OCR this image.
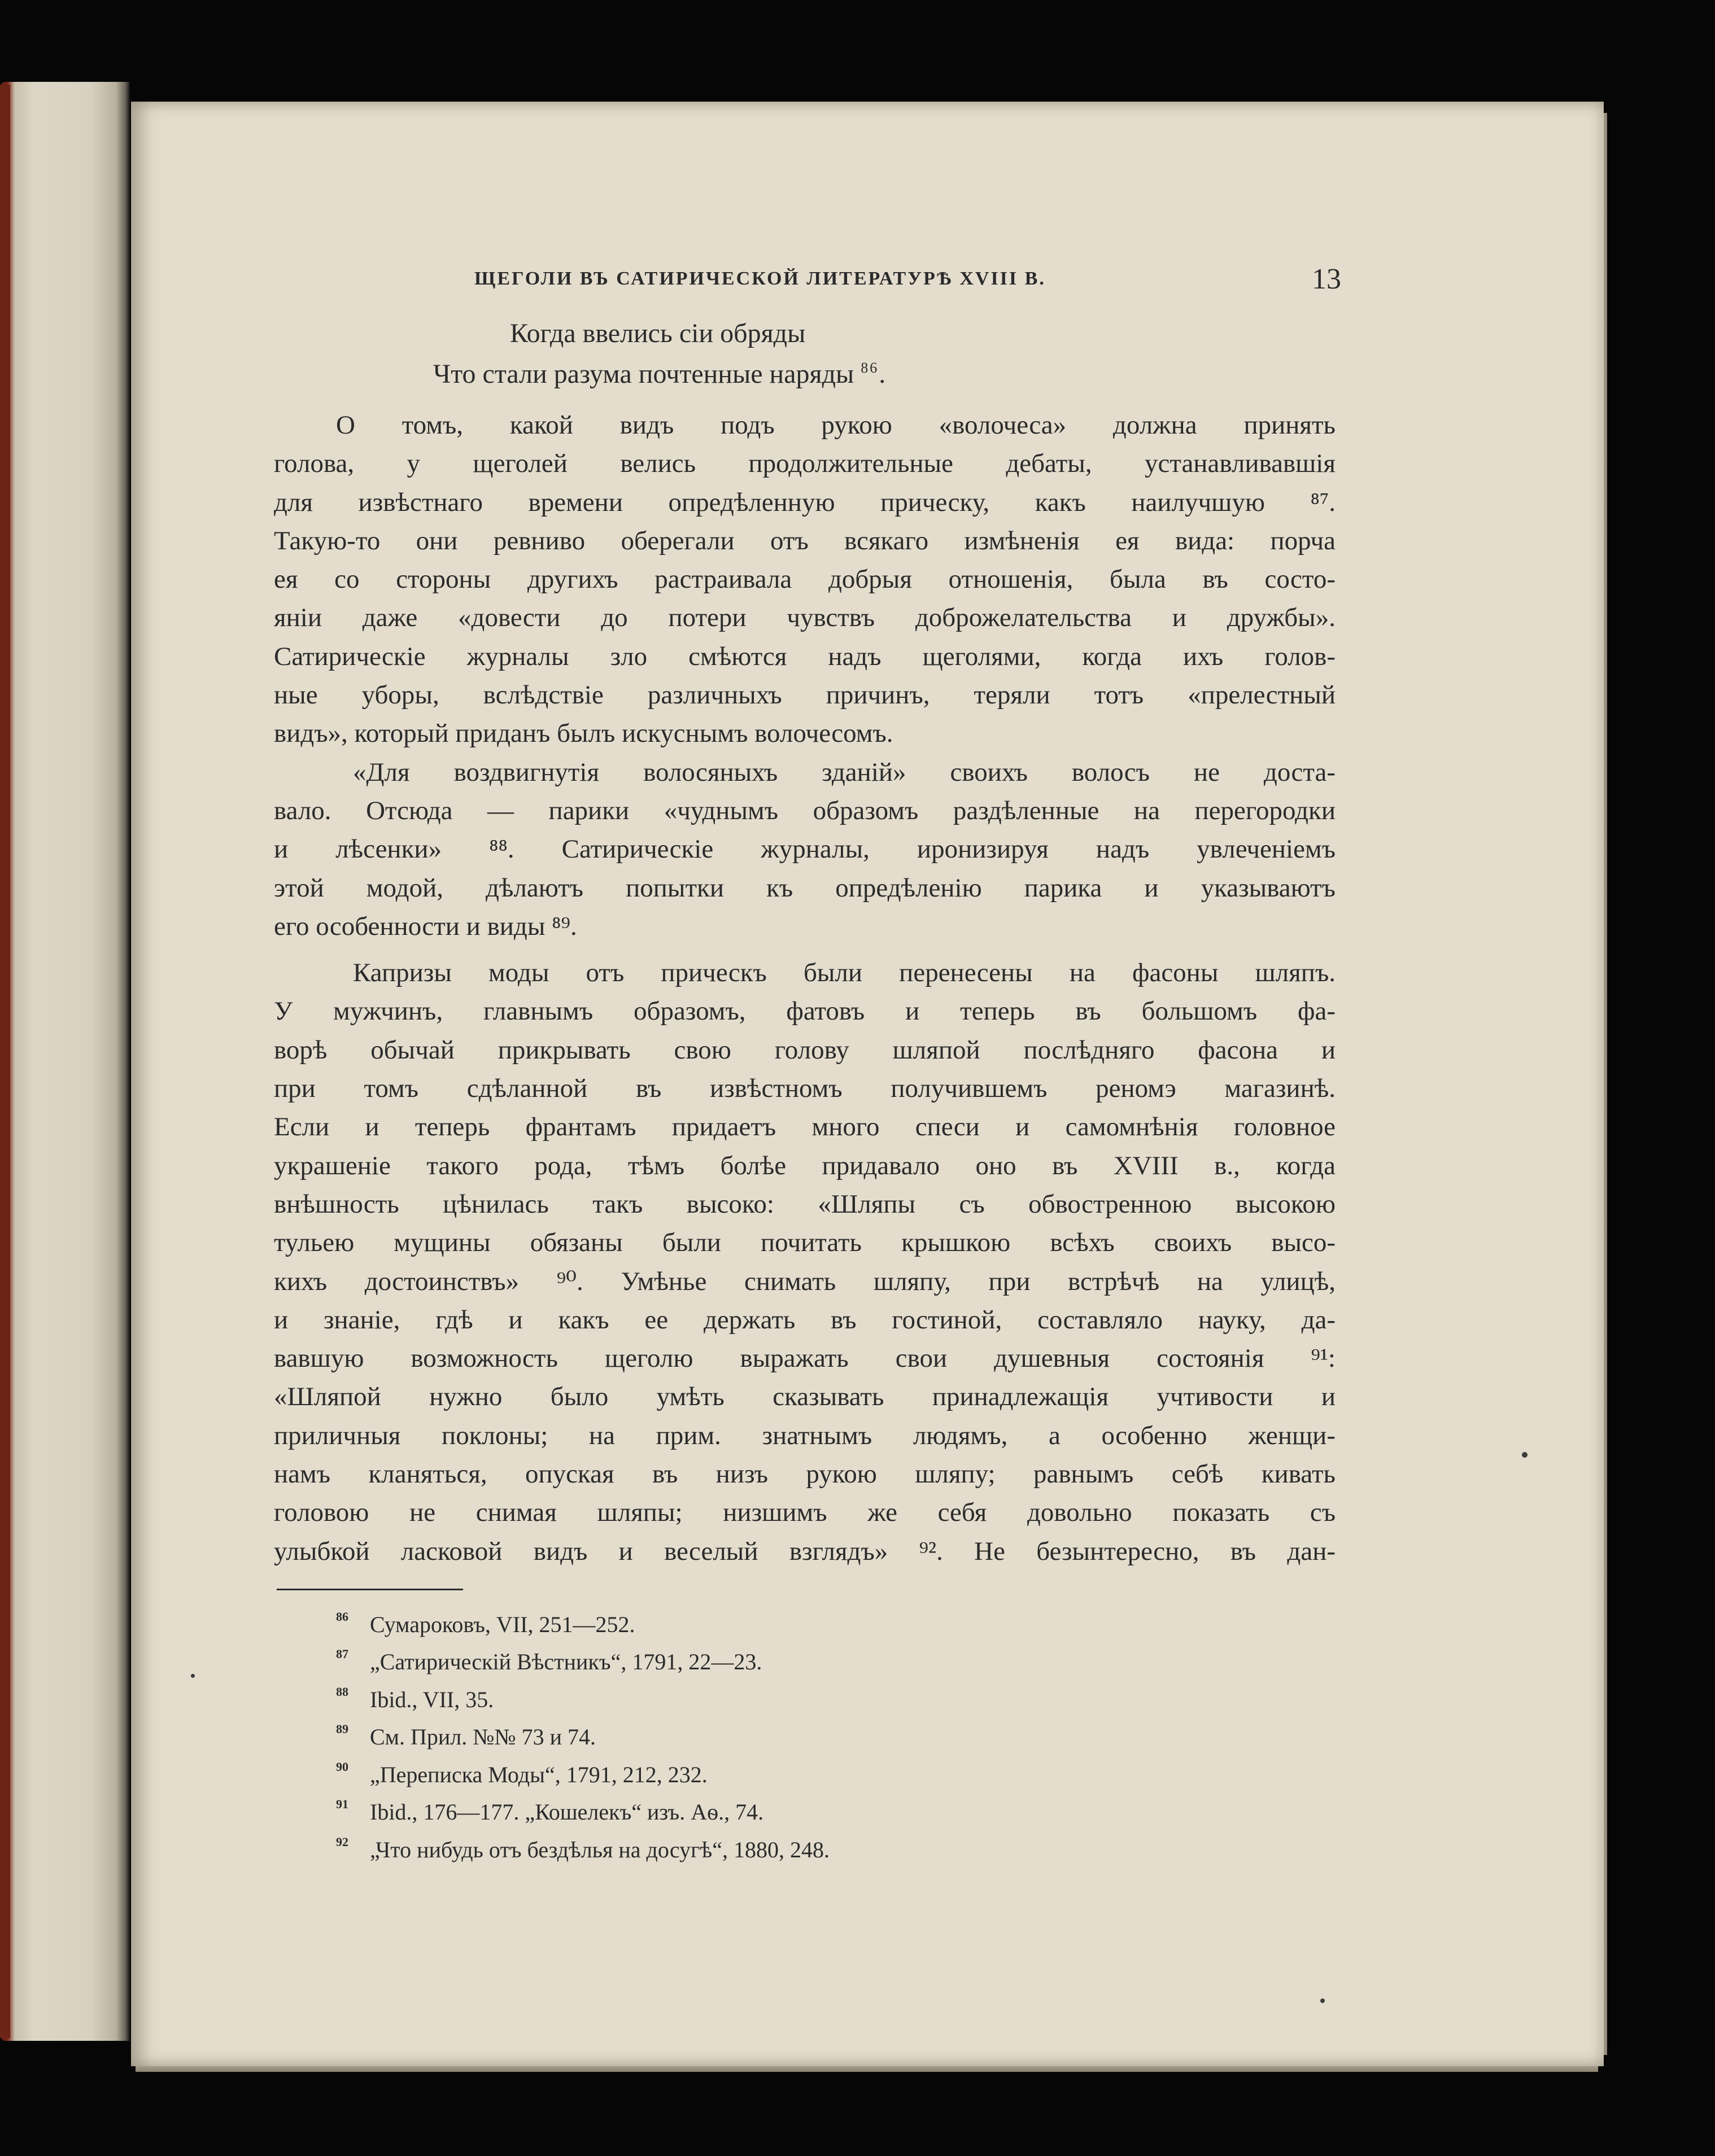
ЩЕГОЛИ ВЪ САТИРИЧЕСКОЙ ЛИТЕРАТУРѢ XVIII В.	13
Когда ввелись сіи обряды
Что стали разума почтенные наряды $^{86}$.
О томъ, какой видъ подъ рукою «волочеса» должна принять
голова, у щеголей велись продолжительные дебаты, устанавливавшія
для извѣстнаго времени опредѣленную прическу, какъ наилучшую ⁸⁷.
Такую-то они ревниво оберегали отъ всякаго измѣненія ея вида: порча
ея со стороны другихъ растраивала добрыя отношенія, была въ состо-
яніи даже «довести до потери чувствъ доброжелательства и дружбы».
Сатирическіе журналы зло смѣются надъ щеголями, когда ихъ голов-
ные уборы, вслѣдствіе различныхъ причинъ, теряли тотъ «прелестный
видъ», который приданъ былъ искуснымъ волочесомъ.
«Для воздвигнутія волосяныхъ зданій» своихъ волосъ не доста-
вало. Отсюда — парики «чуднымъ образомъ раздѣленные на перегородки
и лѣсенки» ⁸⁸. Сатирическіе журналы, иронизируя надъ увлеченіемъ
этой модой, дѣлаютъ попытки къ опредѣленію парика и указываютъ
его особенности и виды ⁸⁹.
Капризы моды отъ прическъ были перенесены на фасоны шляпъ.
У мужчинъ, главнымъ образомъ, фатовъ и теперь въ большомъ фа-
ворѣ обычай прикрывать свою голову шляпой послѣдняго фасона и
при томъ сдѣланной въ извѣстномъ получившемъ реномэ магазинѣ.
Если и теперь франтамъ придаетъ много спеси и самомнѣнія головное
украшеніе такого рода, тѣмъ болѣе придавало оно въ XVIII в., когда
внѣшность цѣнилась такъ высоко: «Шляпы съ обвостренною высокою
тульею мущины обязаны были почитать крышкою всѣхъ своихъ высо-
кихъ достоинствъ» ⁹⁰. Умѣнье снимать шляпу, при встрѣчѣ на улицѣ,
и знаніе, гдѣ и какъ ее держать въ гостиной, составляло науку, да-
вавшую возможность щеголю выражать свои душевныя состоянія ⁹¹:
«Шляпой нужно было умѣть сказывать принадлежащія учтивости и
приличныя поклоны; на прим. знатнымъ людямъ, а особенно женщи-
намъ кланяться, опуская въ низъ рукою шляпу; равнымъ себѣ кивать
головою не снимая шляпы; низшимъ же себя довольно показать съ
улыбкой ласковой видъ и веселый взглядъ» ⁹². Не безынтересно, въ дан-
86 Сумароковъ, VII, 251—252.
87 „Сатирическій Вѣстникъ“, 1791, 22—23.
88 Ibid., VII, 35.
89 См. Прил. №№ 73 и 74.
90 „Переписка Моды“, 1791, 212, 232.
91 Ibid., 176—177. „Кошелекъ“ изъ. Аѳ., 74.
92 „Что нибудь отъ бездѣлья на досугѣ“, 1880, 248.
